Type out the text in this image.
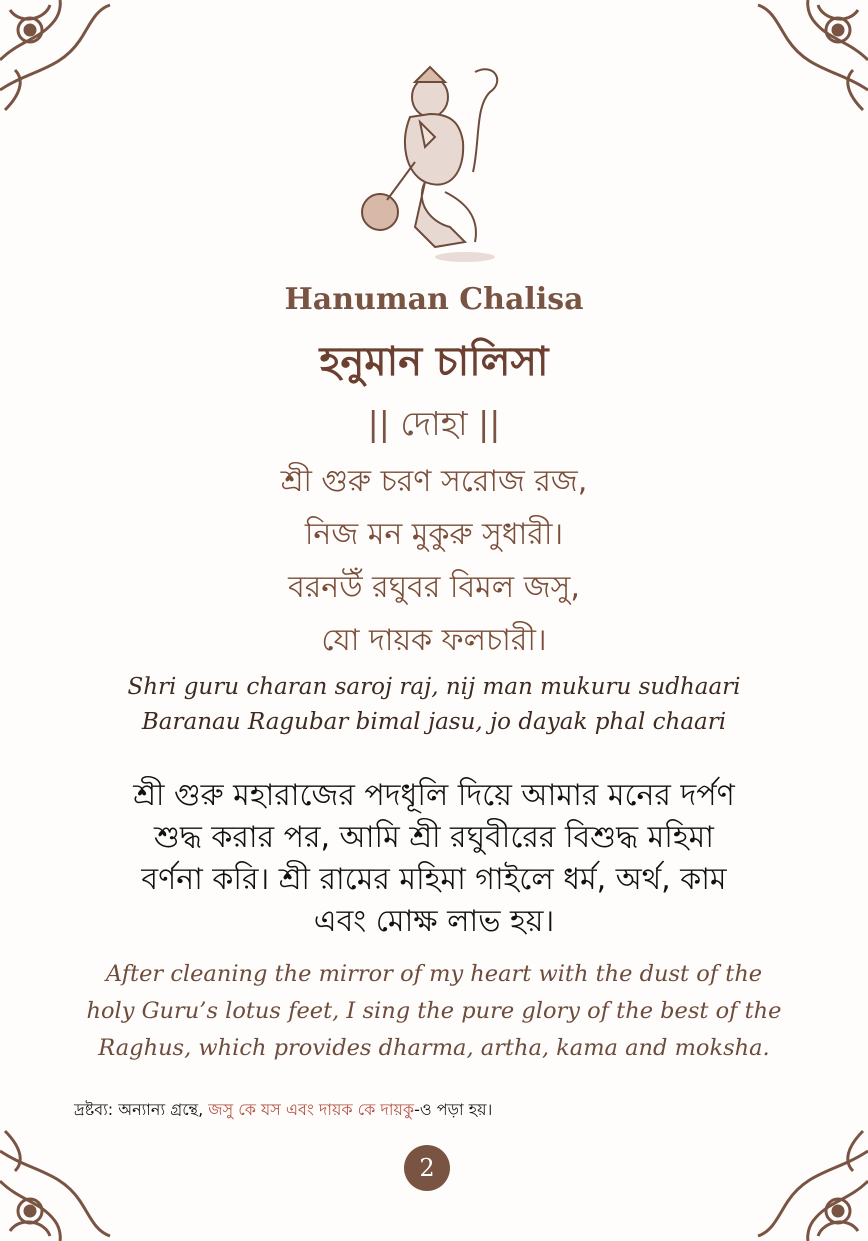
Hanuman Chalisa
হনুমান চালিসা
|| দোহা ||
শ্রী গুরু চরণ সরোজ রজ,
নিজ মন মুকুরু সুধারী।
বরনউঁ রঘুবর বিমল জসু,
যো দায়ক ফলচারী।
Shri guru charan saroj raj, nij man mukuru sudhaari
Baranau Ragubar bimal jasu, jo dayak phal chaari
শ্রী গুরু মহারাজের পদধূলি দিয়ে আমার মনের দর্পণ
শুদ্ধ করার পর, আমি শ্রী রঘুবীরের বিশুদ্ধ মহিমা
বর্ণনা করি। শ্রী রামের মহিমা গাইলে ধর্ম, অর্থ, কাম
এবং মোক্ষ লাভ হয়।
After cleaning the mirror of my heart with the dust of the
holy Guru’s lotus feet, I sing the pure glory of the best of the
Raghus, which provides dharma, artha, kama and moksha.
দ্রষ্টব্য: অন্যান্য গ্রন্থে, জসু কে যস এবং দায়ক কে দায়কু-ও পড়া হয়।
2
